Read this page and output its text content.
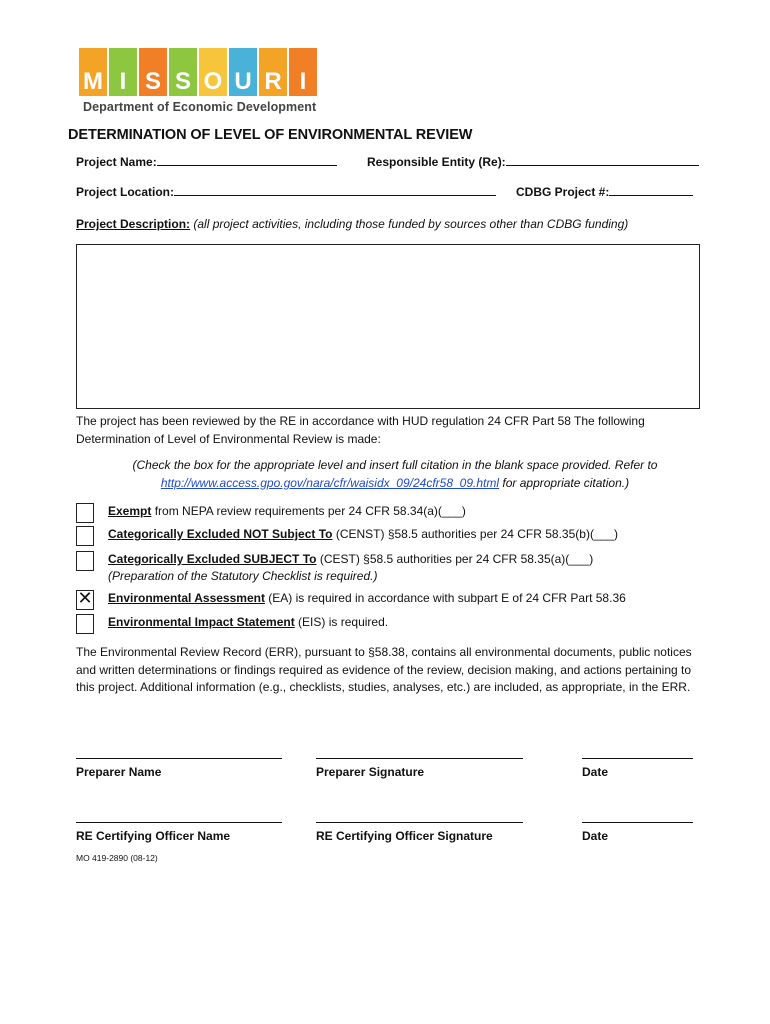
M I S S O U R I
Department of Economic Development
DETERMINATION OF LEVEL OF ENVIRONMENTAL REVIEW
Project Name:	Responsible Entity (Re):
Project Location:	CDBG Project #:
Project Description: (all project activities, including those funded by sources other than CDBG funding)
The project has been reviewed by the RE in accordance with HUD regulation 24 CFR Part 58 The following Determination of Level of Environmental Review is made:
(Check the box for the appropriate level and insert full citation in the blank space provided. Refer to http://www.access.gpo.gov/nara/cfr/waisidx_09/24cfr58_09.html for appropriate citation.)
Exempt from NEPA review requirements per 24 CFR 58.34(a)(___)
Categorically Excluded NOT Subject To (CENST) §58.5 authorities per 24 CFR 58.35(b)(___)
Categorically Excluded SUBJECT To (CEST) §58.5 authorities per 24 CFR 58.35(a)(___)
(Preparation of the Statutory Checklist is required.)
✕ Environmental Assessment (EA) is required in accordance with subpart E of 24 CFR Part 58.36
Environmental Impact Statement (EIS) is required.
The Environmental Review Record (ERR), pursuant to §58.38, contains all environmental documents, public notices and written determinations or findings required as evidence of the review, decision making, and actions pertaining to this project. Additional information (e.g., checklists, studies, analyses, etc.) are included, as appropriate, in the ERR.
Preparer Name	Preparer Signature	Date
RE Certifying Officer Name	RE Certifying Officer Signature	Date
MO 419-2890 (08-12)
